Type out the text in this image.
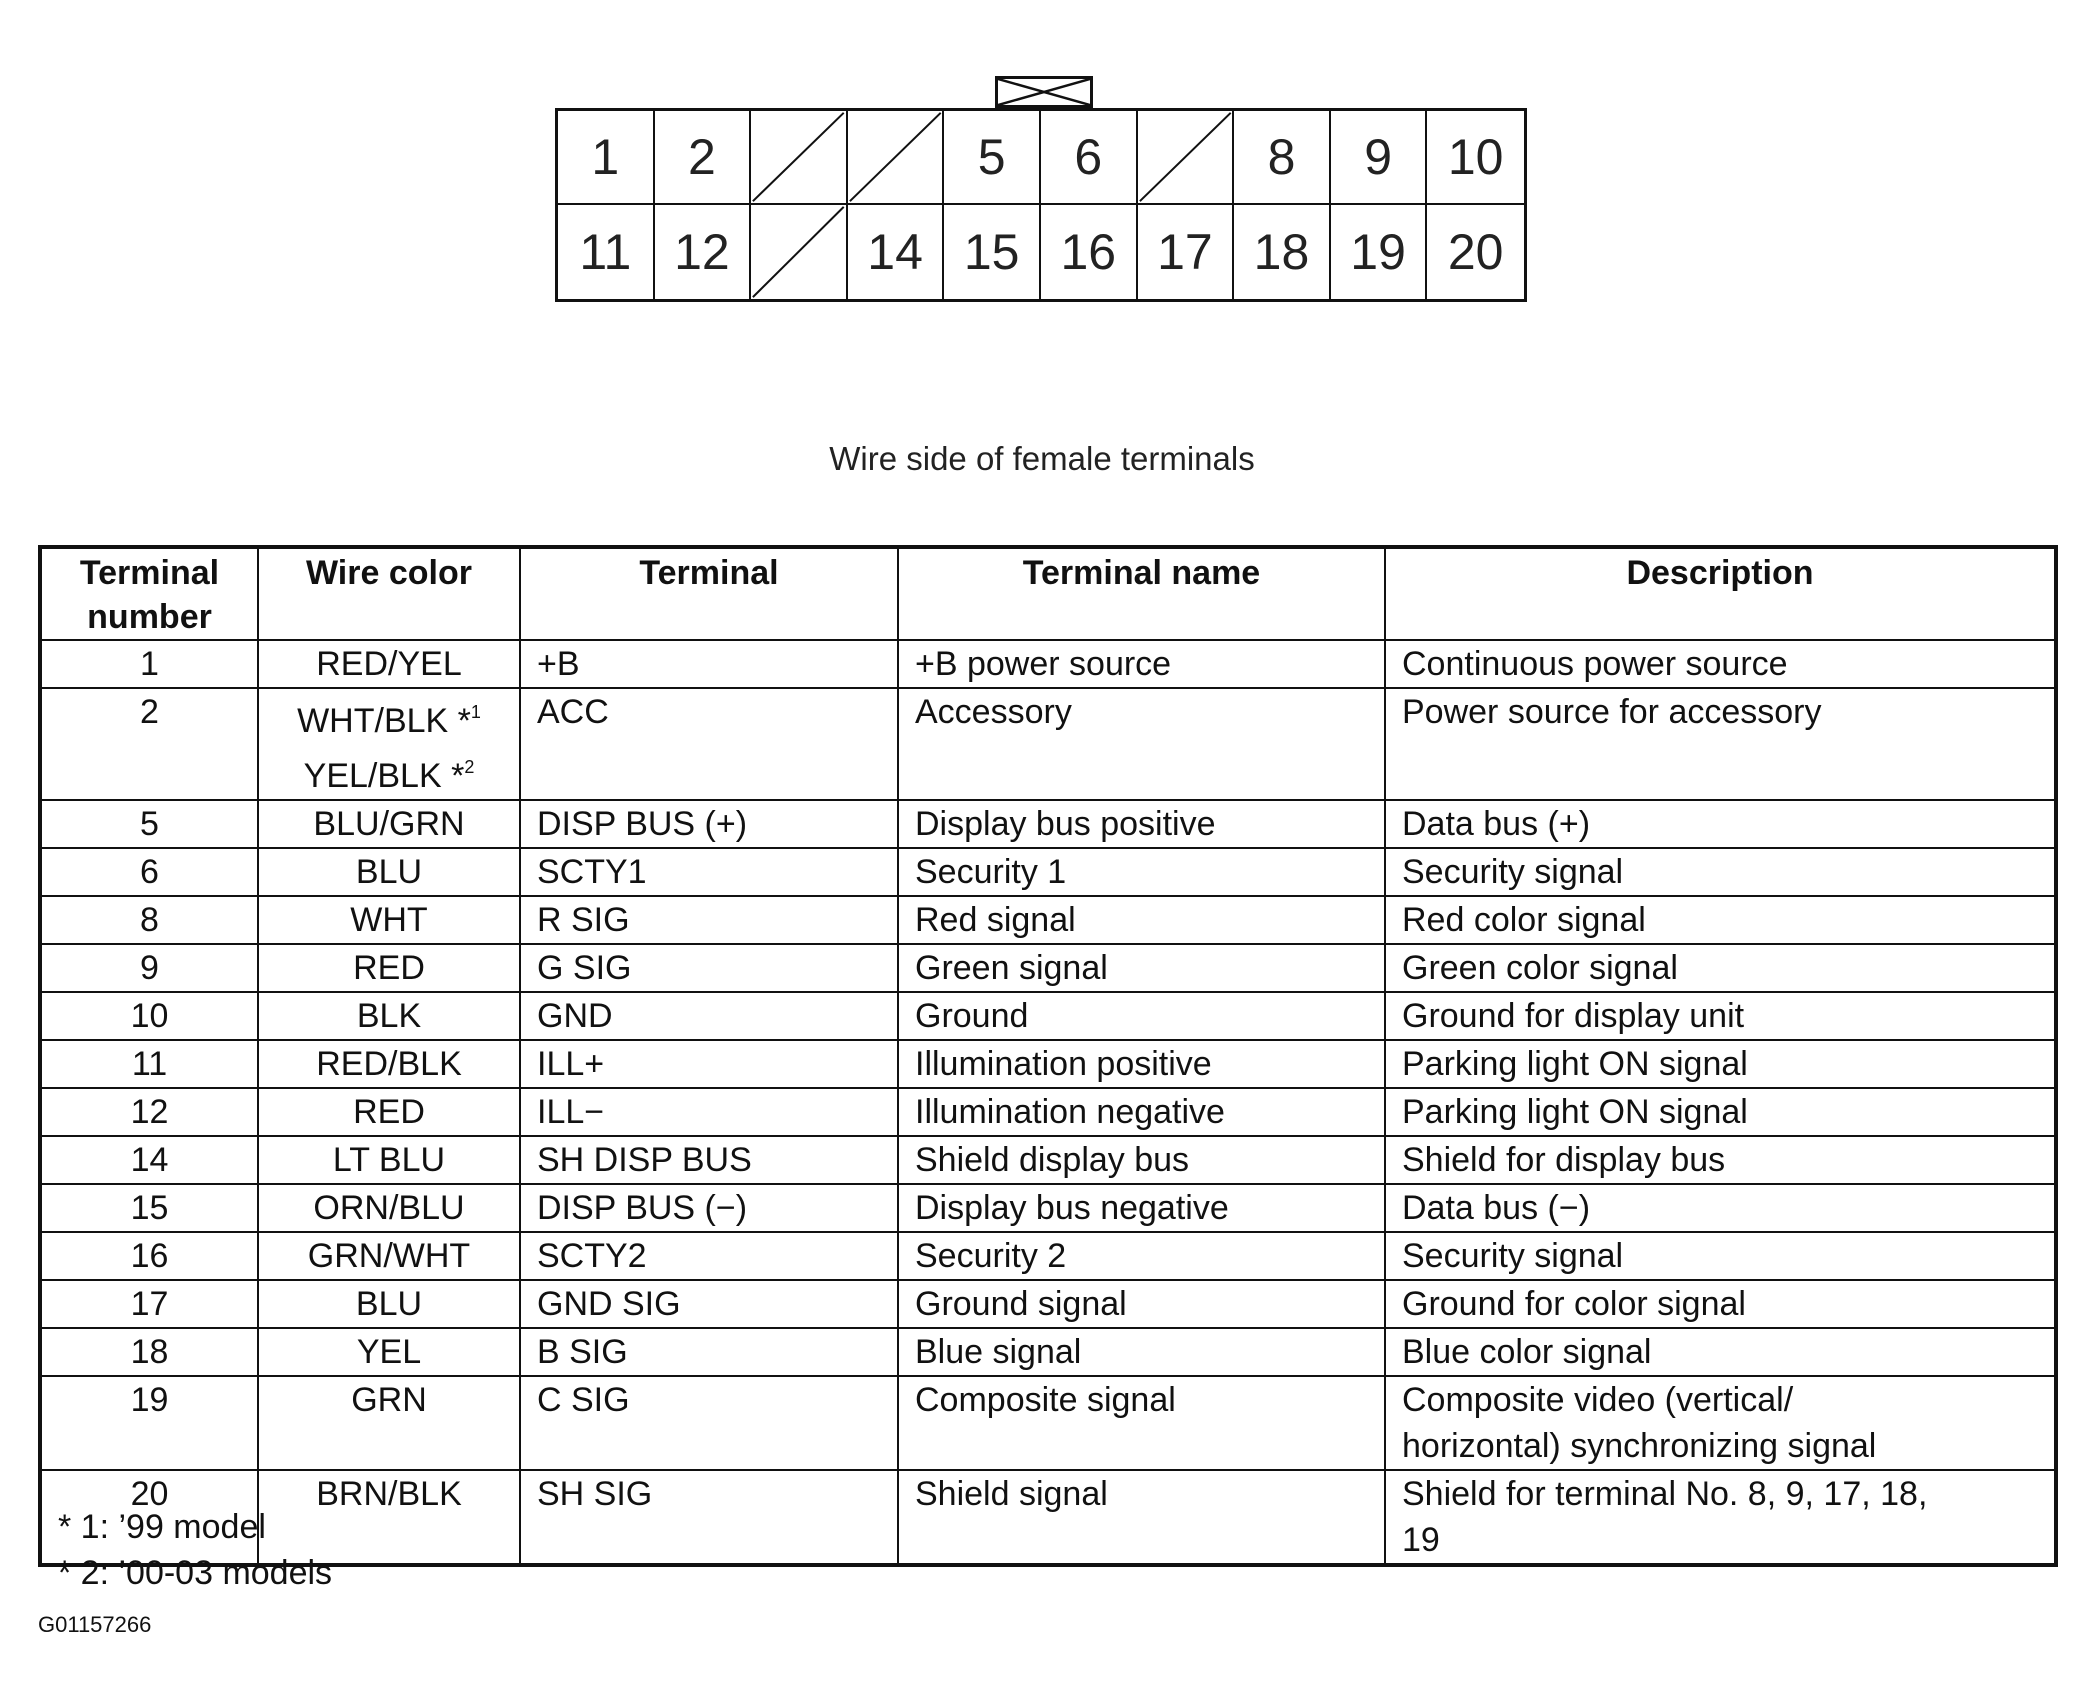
1 2	5 6	8 9 10
11 12	14 15 16 17 18 19 20
Wire side of female terminals
Terminal number	Wire color	Terminal	Terminal name	Description
1	RED/YEL	+B	+B power source	Continuous power source
2	WHT/BLK *$^1$
YEL/BLK *$^2$	ACC	Accessory	Power source for accessory
5	BLU/GRN	DISP BUS (+)	Display bus positive	Data bus (+)
6	BLU	SCTY1	Security 1	Security signal
8	WHT	R SIG	Red signal	Red color signal
9	RED	G SIG	Green signal	Green color signal
10	BLK	GND	Ground	Ground for display unit
11	RED/BLK	ILL+	Illumination positive	Parking light ON signal
12	RED	ILL−	Illumination negative	Parking light ON signal
14	LT BLU	SH DISP BUS	Shield display bus	Shield for display bus
15	ORN/BLU	DISP BUS (−)	Display bus negative	Data bus (−)
16	GRN/WHT	SCTY2	Security 2	Security signal
17	BLU	GND SIG	Ground signal	Ground for color signal
18	YEL	B SIG	Blue signal	Blue color signal
19	GRN	C SIG	Composite signal	Composite video (vertical/
horizontal) synchronizing signal

20	BRN/BLK	SH SIG	Shield signal	Shield for terminal No. 8, 9, 17, 18,
19
* 1: ’99 model
* 2: ’00-03 models
G01157266
